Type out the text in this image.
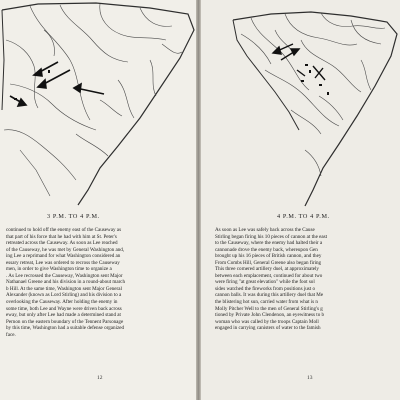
3 P.M. TO 4 P.M.
continued to hold off the enemy east of the Causeway as
that part of his force that he had with him at St. Peter's
retreated across the Causeway. As soon as Lee reached
of the Causeway, he was met by General Washington and,
ing Lee a reprimand for what Washington considered an
essary retreat, Lee was ordered to recross the Causeway
men, in order to give Washington time to organize a
. As Lee recrossed the Causeway, Washington sent Major
Nathanael Greene and his division in a round-about march
b Hill. At the same time, Washington sent Major General
Alexander (known as Lord Stirling) and his division to a
overlooking the Causeway. After holding the enemy in
some time, both Lee and Wayne were driven back across
eway, but only after Lee had made a determined stand at
Pernon on the eastern boundary of the Tennent Parsonage
by this time, Washington had a suitable defense organized
face.
12
4 P.M. TO 4 P.M.
As soon as Lee was safely back across the Cause
Stirling began firing his 10 pieces of cannon at the east
to the Causeway, where the enemy had halted their a
cannonade drove the enemy back, whereupon Gen
brought up his 16 pieces of British cannon, and they
From Combs Hill, General Greene also began firing
This three cornered artillery duel, at approximately
between each emplacement, continued for about two
were firing "at great elevation" while the foot sol
sides watched the fireworks from positions just o
cannon balls. It was during this artillery duel that Me
the blistering hot sun, carried water from what is n
Molly Pitcher Well to the men of General Stirling's g
tioned by Private John Clendenon, an eyewitness to b
woman who was called by the troops Captain Moll
engaged in carrying canisters of water to the famish
13
